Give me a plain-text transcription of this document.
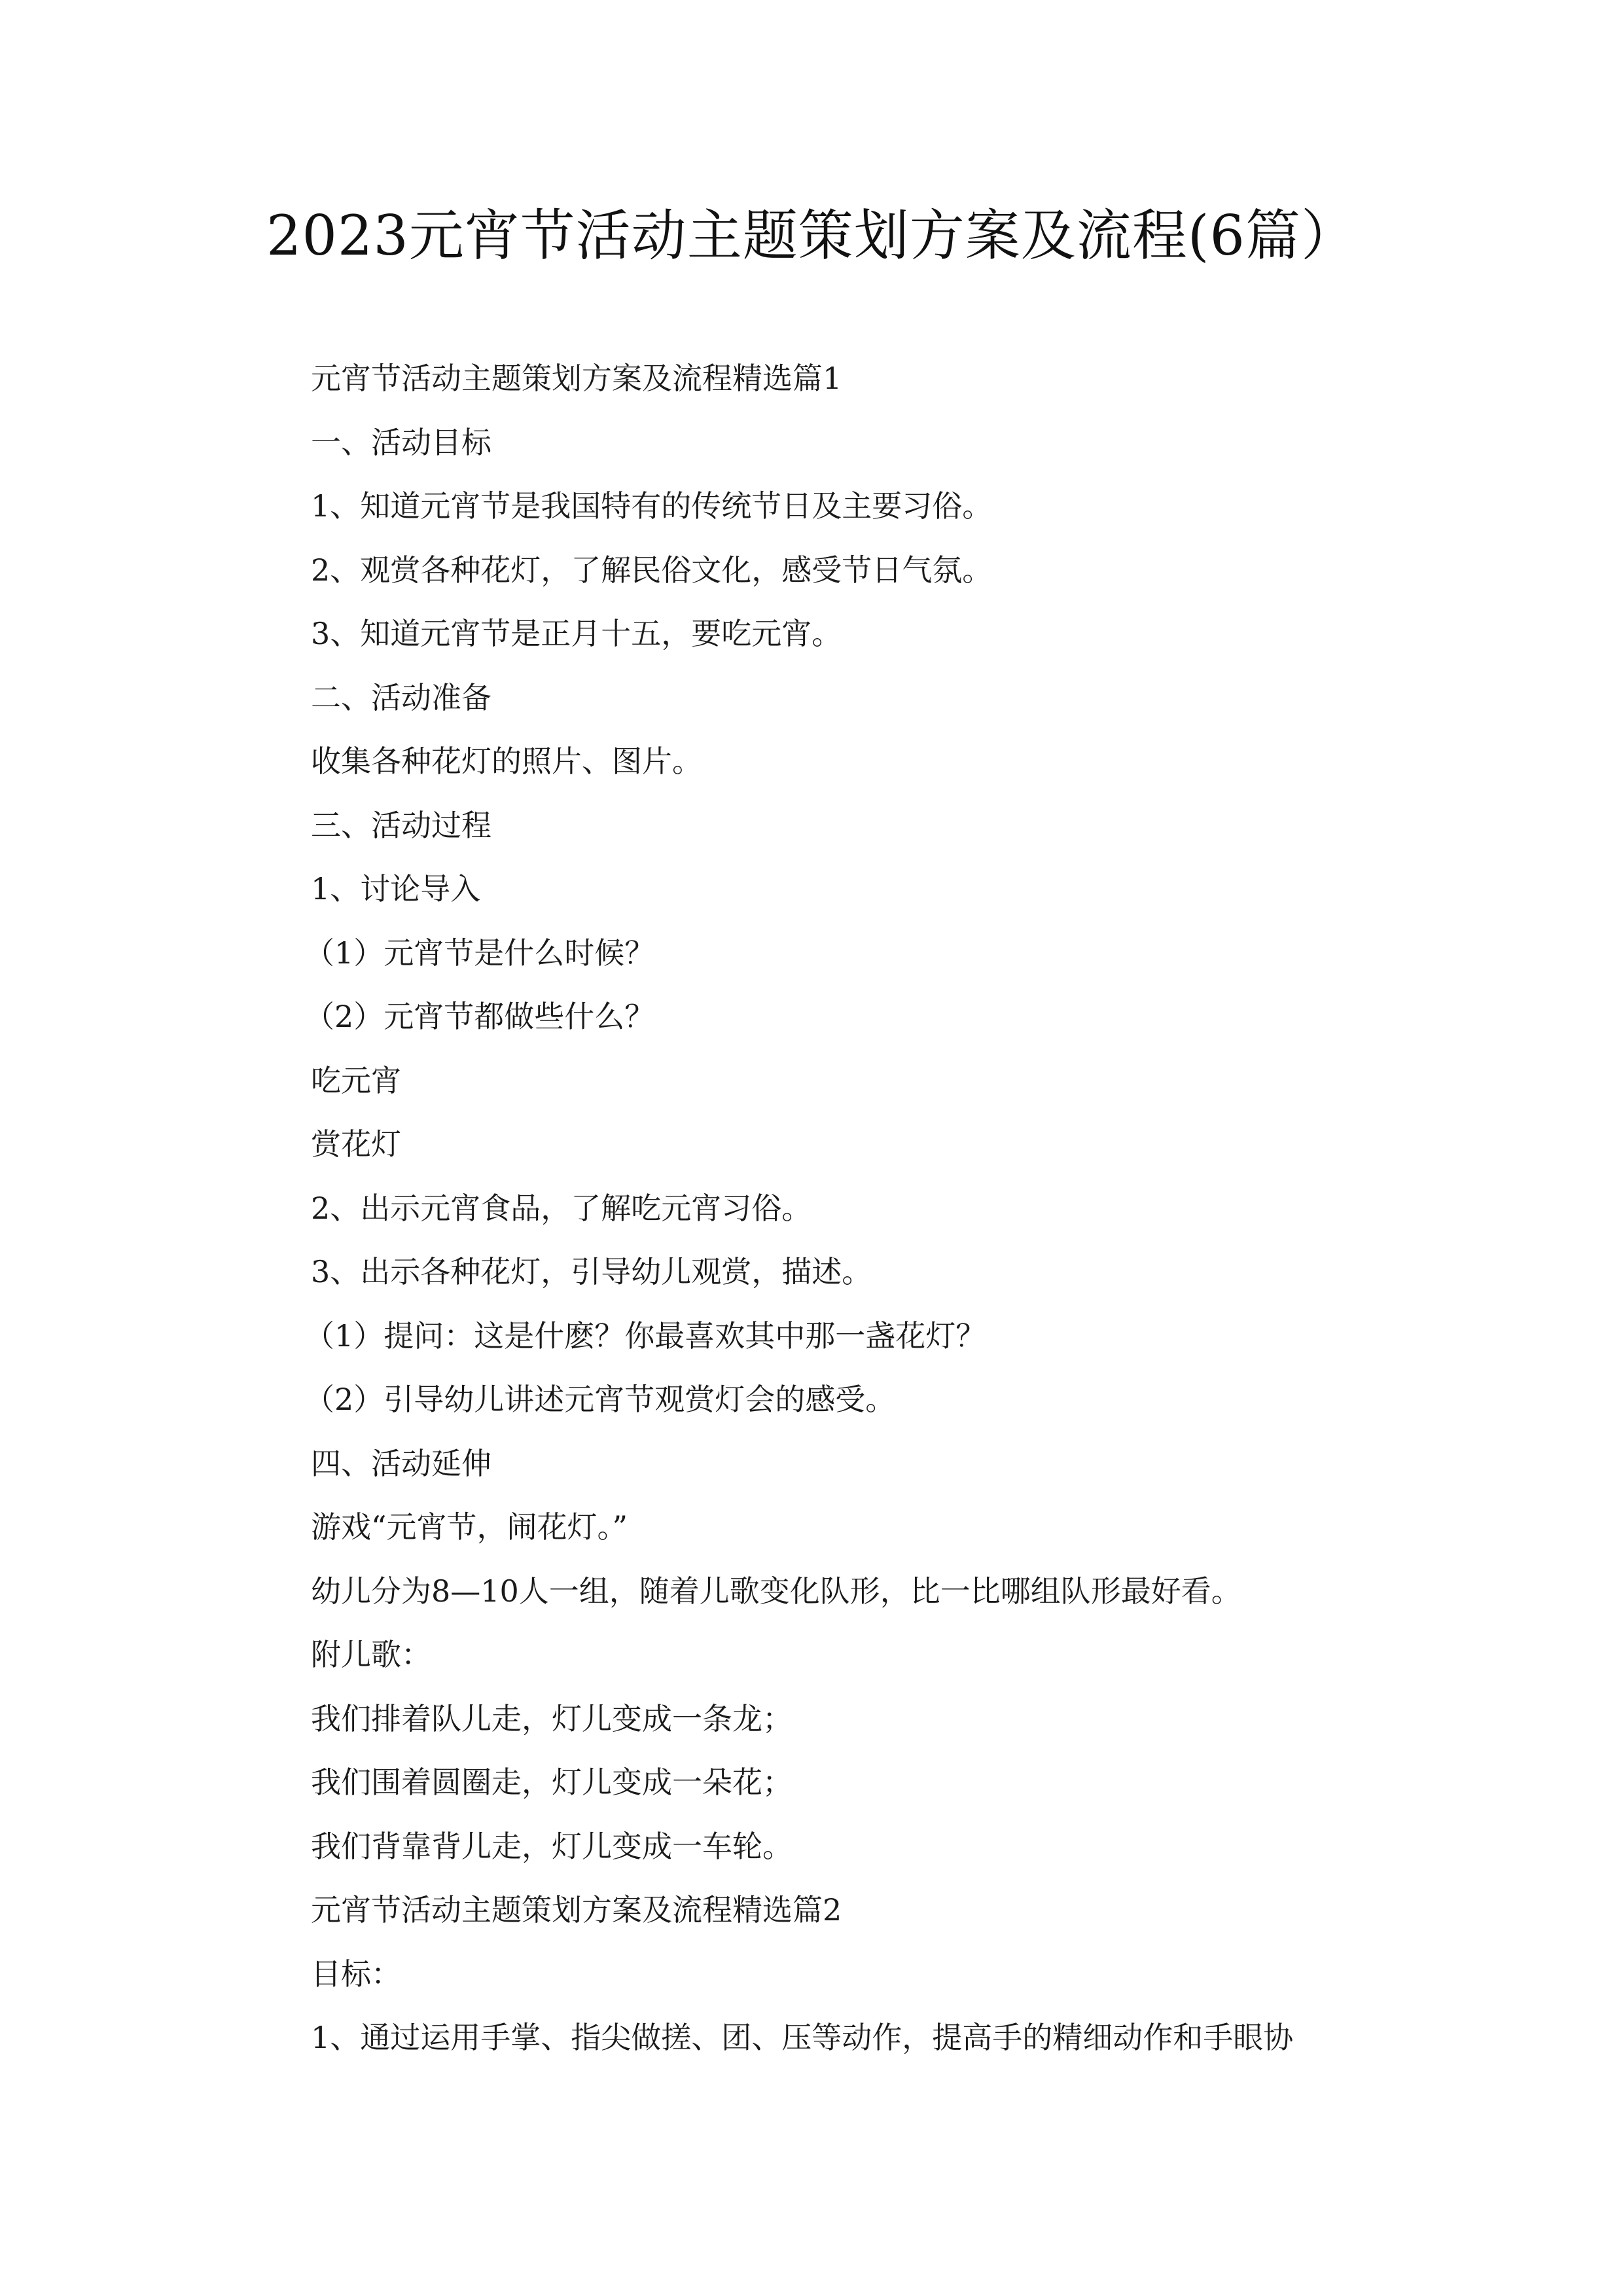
2023元宵节活动主题策划方案及流程(6篇）
元宵节活动主题策划方案及流程精选篇1
一、活动目标
1、知道元宵节是我国特有的传统节日及主要习俗。
2、观赏各种花灯，了解民俗文化，感受节日气氛。
3、知道元宵节是正月十五，要吃元宵。
二、活动准备
收集各种花灯的照片、图片。
三、活动过程
1、讨论导入
（1）元宵节是什么时候？
（2）元宵节都做些什么？
吃元宵
赏花灯
2、出示元宵食品，了解吃元宵习俗。
3、出示各种花灯，引导幼儿观赏，描述。
（1）提问：这是什麽？你最喜欢其中那一盏花灯？
（2）引导幼儿讲述元宵节观赏灯会的感受。
四、活动延伸
游戏“元宵节，闹花灯。”
幼儿分为8—10人一组，随着儿歌变化队形，比一比哪组队形最好看。
附儿歌：
我们排着队儿走，灯儿变成一条龙；
我们围着圆圈走，灯儿变成一朵花；
我们背靠背儿走，灯儿变成一车轮。
元宵节活动主题策划方案及流程精选篇2
目标：
1、通过运用手掌、指尖做搓、团、压等动作，提高手的精细动作和手眼协
